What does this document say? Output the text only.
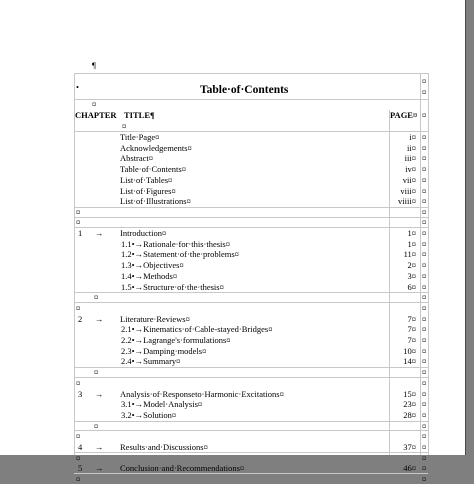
¶
•	Table·of·Contents
¤
¤
¤
CHAPTER TITLE¶	PAGE¤ ¤
¤
Title·Page¤	i¤ ¤
Acknowledgements¤	ii¤ ¤
Abstract¤	iii¤ ¤
Table·of·Contents¤	iv¤ ¤
List·of·Tables¤	vii¤ ¤
List·of·Figures¤	viii¤ ¤
List·of·Illustrations¤	viiii¤ ¤
¤	¤
¤	¤
1 → Introduction¤	1¤ ¤
1.1•→Rationale·for·this·thesis¤	1¤ ¤
1.2•→Statement·of·the·problems¤	11¤ ¤
1.3•→Objectives¤	2¤ ¤
1.4•→Methods¤	3¤ ¤
1.5•→Structure·of·the·thesis¤	6¤ ¤
¤	¤
¤	¤
2 → Literature·Reviews¤	7¤ ¤
2.1•→Kinematics·of·Cable-stayed·Bridges¤	7¤ ¤
2.2•→Lagrange's·formulations¤	7¤ ¤
2.3•→Damping·models¤	10¤ ¤
2.4•→Summary¤	14¤ ¤
¤	¤
¤	¤
3 → Analysis·of·Responseto·Harmonic·Excitations¤	15¤ ¤
3.1•→Model·Analysis¤	23¤ ¤
3.2•→Solution¤	28¤ ¤
¤	¤
¤	¤
4 → Results·and·Discussions¤	37¤ ¤
¤	¤
5 → Conclusion·and·Recommendations¤	46¤ ¤
¤	¤
